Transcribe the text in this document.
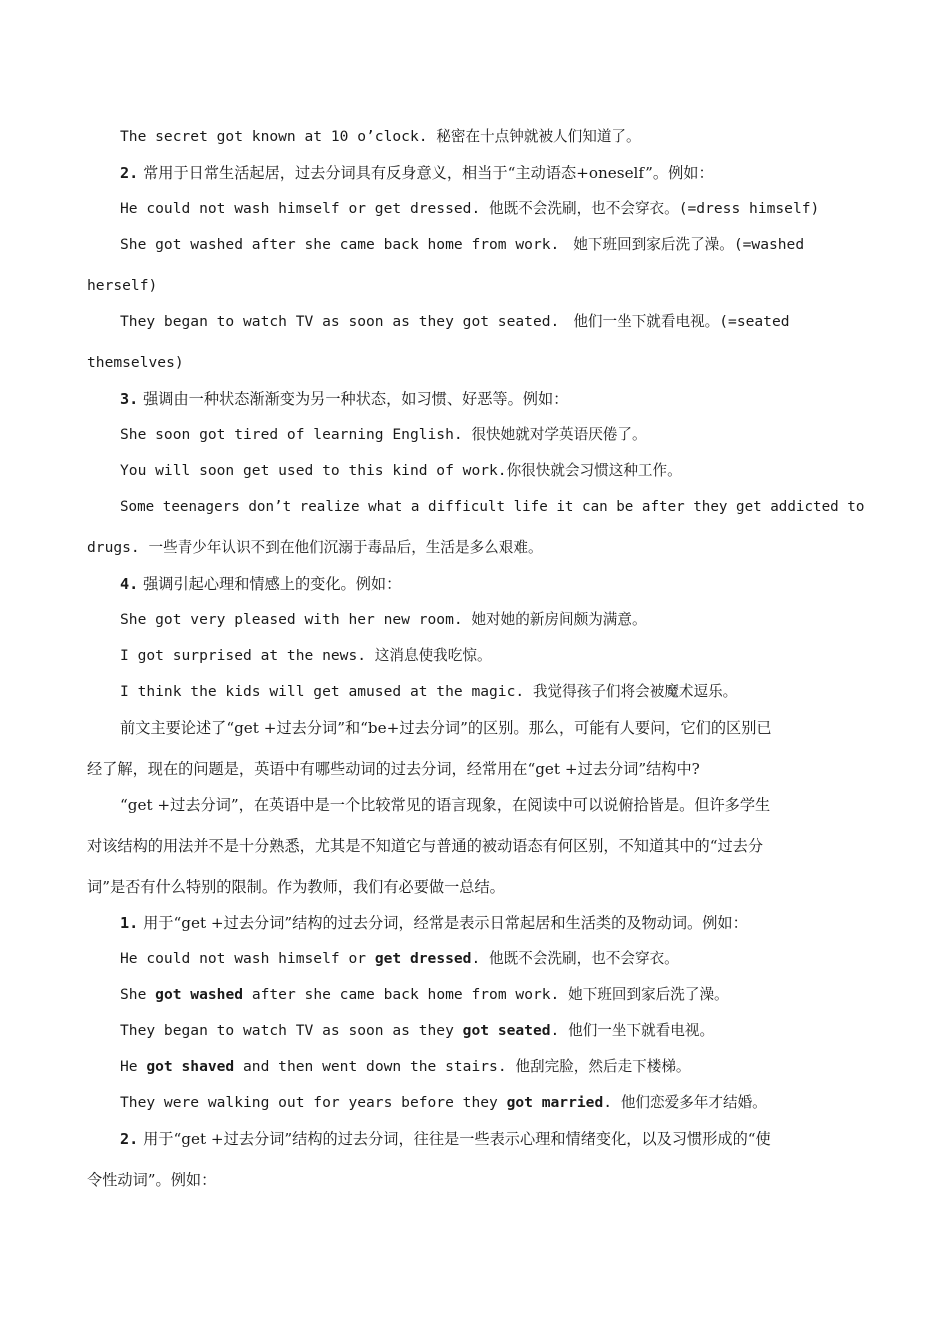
The secret got known at 10 o’clock. 秘密在十点钟就被人们知道了。
2. 常用于日常生活起居，过去分词具有反身意义，相当于“主动语态+oneself”。例如：
He could not wash himself or get dressed. 他既不会洗刷，也不会穿衣。(=dress himself)
She got washed after she came back home from work. 她下班回到家后洗了澡。(=washed
herself)
They began to watch TV as soon as they got seated. 他们一坐下就看电视。(=seated
themselves)
3. 强调由一种状态渐渐变为另一种状态，如习惯、好恶等。例如：
She soon got tired of learning English. 很快她就对学英语厌倦了。
You will soon get used to this kind of work.你很快就会习惯这种工作。
Some teenagers don’t realize what a difficult life it can be after they get addicted to
drugs. 一些青少年认识不到在他们沉溺于毒品后，生活是多么艰难。
4. 强调引起心理和情感上的变化。例如：
She got very pleased with her new room. 她对她的新房间颇为满意。
I got surprised at the news. 这消息使我吃惊。
I think the kids will get amused at the magic. 我觉得孩子们将会被魔术逗乐。
前文主要论述了“get +过去分词”和“be+过去分词”的区别。那么，可能有人要问，它们的区别已
经了解，现在的问题是，英语中有哪些动词的过去分词，经常用在“get +过去分词”结构中?
“get +过去分词”，在英语中是一个比较常见的语言现象，在阅读中可以说俯拾皆是。但许多学生
对该结构的用法并不是十分熟悉，尤其是不知道它与普通的被动语态有何区别，不知道其中的“过去分
词”是否有什么特别的限制。作为教师，我们有必要做一总结。
1. 用于“get +过去分词”结构的过去分词，经常是表示日常起居和生活类的及物动词。例如：
He could not wash himself or get dressed. 他既不会洗刷，也不会穿衣。
She got washed after she came back home from work. 她下班回到家后洗了澡。
They began to watch TV as soon as they got seated. 他们一坐下就看电视。
He got shaved and then went down the stairs. 他刮完脸，然后走下楼梯。
They were walking out for years before they got married. 他们恋爱多年才结婚。
2. 用于“get +过去分词”结构的过去分词，往往是一些表示心理和情绪变化，以及习惯形成的“使
令性动词”。例如：
